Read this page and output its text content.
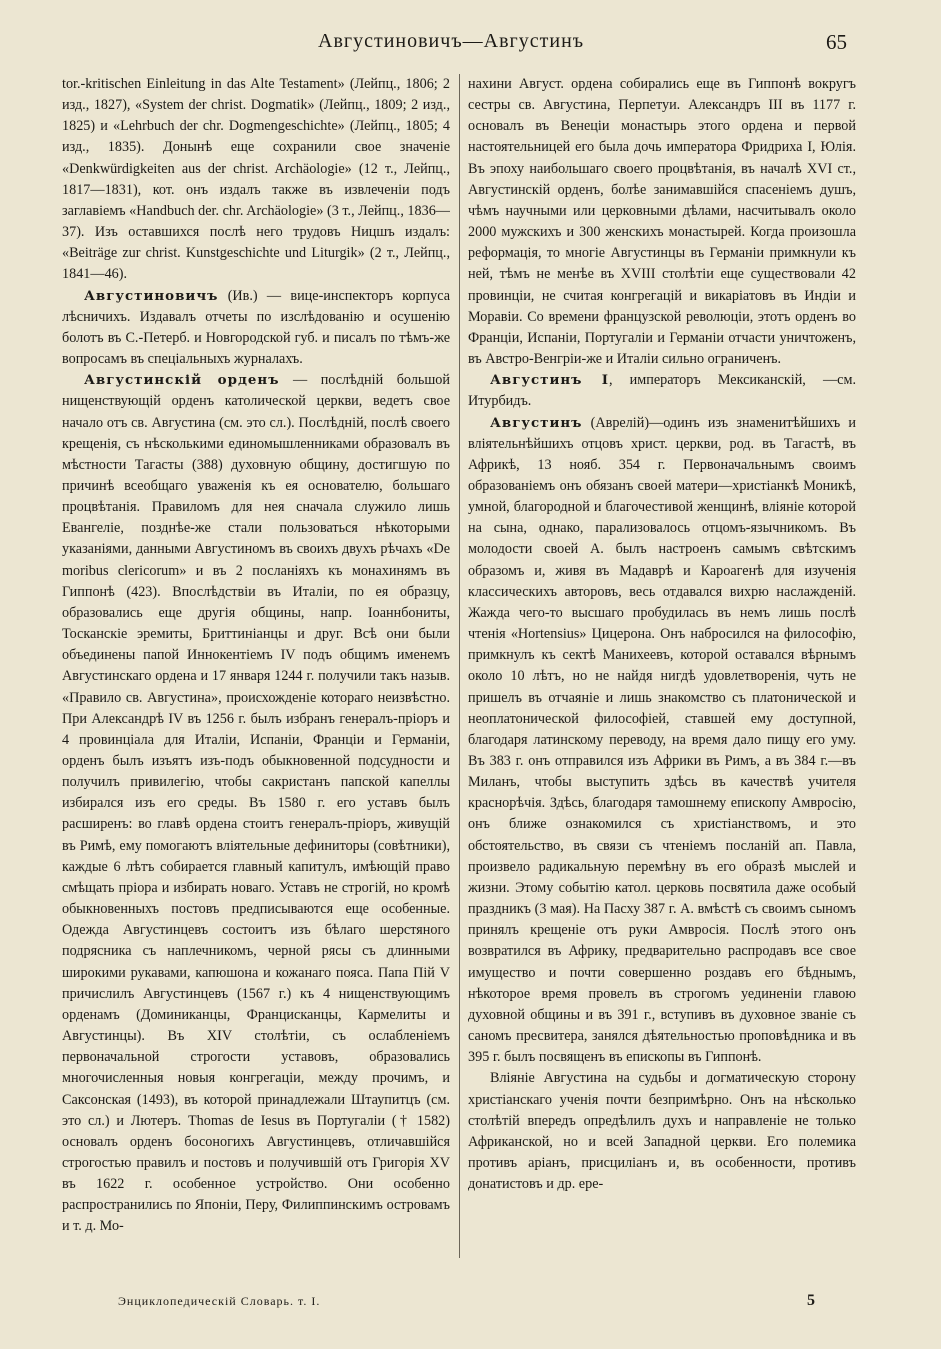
Августиновичъ—Августинъ	65

tor.-kritischen Einleitung in das Alte Testament» (Лейпц., 1806; 2 изд., 1827), «System der christ. Dogmatik» (Лейпц., 1809; 2 изд., 1825) и «Lehrbuch der chr. Dogmengeschichte» (Лейпц., 1805; 4 изд., 1835). Донынѣ еще сохранили свое значеніе «Denkwürdigkeiten aus der christ. Archäologie» (12 т., Лейпц., 1817—1831), кот. онъ издалъ также въ извлеченіи подъ заглавіемъ «Handbuch der. chr. Archäologie» (3 т., Лейпц., 1836—37). Изъ оставшихся послѣ него трудовъ Ницшъ издалъ: «Beiträge zur christ. Kunstgeschichte und Liturgik» (2 т., Лейпц., 1841—46).

Августиновичъ (Ив.) — вице-инспекторъ корпуса лѣсничихъ. Издавалъ отчеты по изслѣдованію и осушенію болотъ въ С.-Петерб. и Новгородской губ. и писалъ по тѣмъ-же вопросамъ въ спеціальныхъ журналахъ.

Августинскій орденъ — послѣдній большой нищенствующій орденъ католической церкви, ведетъ свое начало отъ св. Августина (см. это сл.). Послѣдній, послѣ своего крещенія, съ нѣсколькими единомышленниками образовалъ въ мѣстности Тагасты (388) духовную общину, достигшую по причинѣ всеобщаго уваженія къ ея основателю, большаго процвѣтанія. Правиломъ для нея сначала служило лишь Евангеліе, позднѣе-же стали пользоваться нѣкоторыми указаніями, данными Августиномъ въ своихъ двухъ рѣчахъ «De moribus clericorum» и въ 2 посланіяхъ къ монахинямъ въ Гиппонѣ (423). Впослѣдствіи въ Италіи, по ея образцу, образовались еще другія общины, напр. Іоаннбониты, Тосканскіе эремиты, Бриттиніанцы и друг. Всѣ они были объединены папой Иннокентіемъ IV подъ общимъ именемъ Августинскаго ордена и 17 января 1244 г. получили такъ назыв. «Правило св. Августина», происхожденіе котораго неизвѣстно. При Александрѣ IV въ 1256 г. былъ избранъ генералъ-пріоръ и 4 провинціала для Италіи, Испаніи, Франціи и Германіи, орденъ былъ изъятъ изъ-подъ обыкновенной подсудности и получилъ привилегію, чтобы сакристанъ папской капеллы избирался изъ его среды. Въ 1580 г. его уставъ былъ расширенъ: во главѣ ордена стоитъ генералъ-пріоръ, живущій въ Римѣ, ему помогаютъ влiятельные дефиниторы (совѣтники), каждые 6 лѣтъ собирается главный капитулъ, имѣющій право смѣщать пріора и избирать новаго. Уставъ не строгій, но кромѣ обыкновенныхъ постовъ предписываются еще особенные. Одежда Августинцевъ состоитъ изъ бѣлаго шерстяного подрясника съ наплечникомъ, черной рясы съ длинными широкими рукавами, капюшона и кожанаго пояса. Папа Пій V причислилъ Августинцевъ (1567 г.) къ 4 нищенствующимъ орденамъ (Доминиканцы, Францисканцы, Кармелиты и Августинцы). Въ XIV столѣтіи, съ ослабленіемъ первоначальной строгости уставовъ, образовались многочисленныя новыя конгрегаціи, между прочимъ, и Саксонская (1493), въ которой принадлежали Штаупитцъ (см. это сл.) и Лютеръ. Thomas de Iesus въ Португаліи († 1582) основалъ орденъ босоногихъ Августинцевъ, отличавшійся строгостью правилъ и постовъ и получившій отъ Григорія XV въ 1622 г. особенное устройство. Они особенно распространились по Японіи, Перу, Филиппинскимъ островамъ и т. д. Мо-

нахини Август. ордена собирались еще въ Гиппонѣ вокругъ сестры св. Августина, Перпетуи. Александръ III въ 1177 г. основалъ въ Венеціи монастырь этого ордена и первой настоятельницей его была дочь императора Фридриха I, Юлія. Въ эпоху наибольшаго своего процвѣтанія, въ началѣ XVI ст., Августинскій орденъ, болѣе занимавшійся спасеніемъ душъ, чѣмъ научными или церковными дѣлами, насчитывалъ около 2000 мужскихъ и 300 женскихъ монастырей. Когда произошла реформація, то многіе Августинцы въ Германіи примкнули къ ней, тѣмъ не менѣе въ XVIII столѣтіи еще существовали 42 провинціи, не считая конгрегацій и викаріатовъ въ Индіи и Моравіи. Со времени французской революціи, этотъ орденъ во Франціи, Испаніи, Португаліи и Германіи отчасти уничтоженъ, въ Австро-Венгріи-же и Италіи сильно ограниченъ.

Августинъ I, императоръ Мексиканскій, —см. Итурбидъ.

Августинъ (Аврелій)—одинъ изъ знаменитѣйшихъ и вліятельнѣйшихъ отцовъ христ. церкви, род. въ Тагастѣ, въ Африкѣ, 13 нояб. 354 г. Первоначальнымъ своимъ образованіемъ онъ обязанъ своей матери—христіанкѣ Моникѣ, умной, благородной и благочестивой женщинѣ, вліяніе которой на сына, однако, парализовалось отцомъ-язычникомъ. Въ молодости своей А. былъ настроенъ самымъ свѣтскимъ образомъ и, живя въ Мадаврѣ и Кароагенѣ для изученія классическихъ авторовъ, весь отдавался вихрю наслажденій. Жажда чего-то высшаго пробудилась въ немъ лишь послѣ чтенія «Hortensius» Цицерона. Онъ набросился на философію, примкнулъ къ сектѣ Манихеевъ, которой оставался вѣрнымъ около 10 лѣтъ, но не найдя нигдѣ удовлетворенія, чуть не пришелъ въ отчаяніе и лишь знакомство съ платонической и неоплатонической философіей, ставшей ему доступной, благодаря латинскому переводу, на время дало пищу его уму. Въ 383 г. онъ отправился изъ Африки въ Римъ, а въ 384 г.—въ Миланъ, чтобы выступить здѣсь въ качествѣ учителя краснорѣчія. Здѣсь, благодаря тамошнему епископу Амвросію, онъ ближе ознакомился съ христіанствомъ, и это обстоятельство, въ связи съ чтеніемъ посланій ап. Павла, произвело радикальную перемѣну въ его образѣ мыслей и жизни. Этому событію катол. церковь посвятила даже особый праздникъ (3 мая). На Пасху 387 г. А. вмѣстѣ съ своимъ сыномъ принялъ крещеніе отъ руки Амвросія. Послѣ этого онъ возвратился въ Африку, предварительно распродавъ все свое имущество и почти совершенно роздавъ его бѣднымъ, нѣкоторое время провелъ въ строгомъ уединеніи главою духовной общины и въ 391 г., вступивъ въ духовное званіе съ саномъ пресвитера, занялся дѣятельностью проповѣдника и въ 395 г. былъ посвященъ въ епископы въ Гиппонѣ.

Вліяніе Августина на судьбы и догматическую сторону христіанскаго ученія почти безпримѣрно. Онъ на нѣсколько столѣтій впередъ опредѣлилъ духъ и направленіе не только Африканской, но и всей Западной церкви. Его полемика противъ аріанъ, присциліанъ и, въ особенности, противъ донатистовъ и др. ере-

Энциклопедическій Словарь. т. I.	5
